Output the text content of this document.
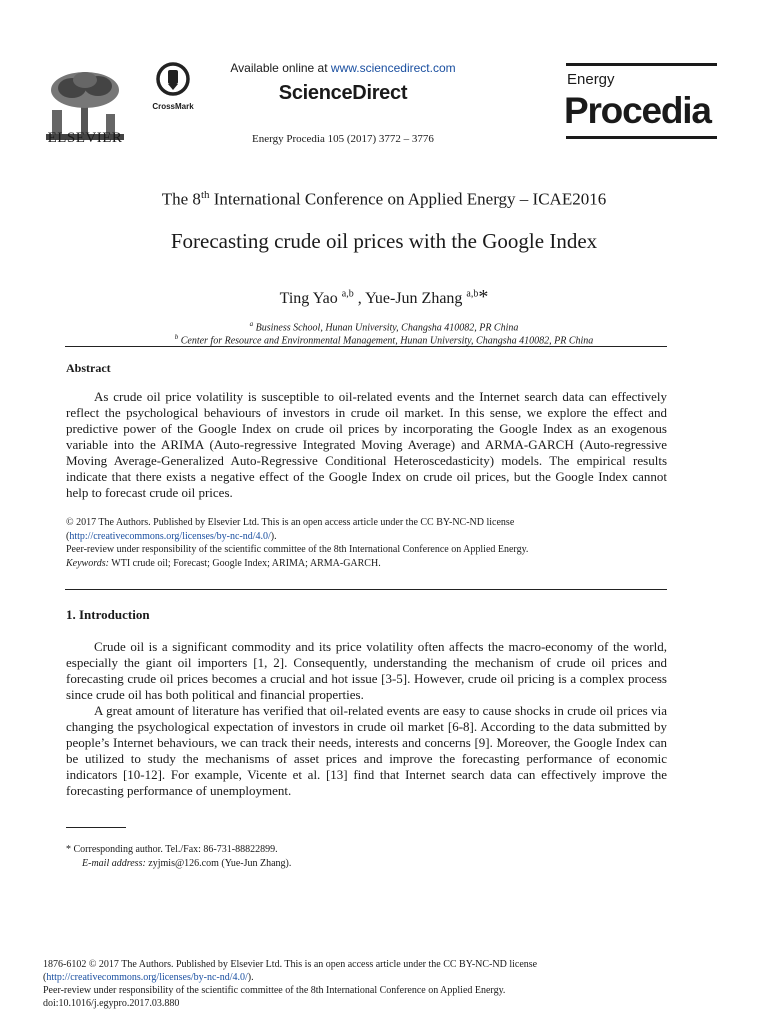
ELSEVIER
CrossMark
Available online at www.sciencedirect.com
ScienceDirect
Energy Procedia 105 (2017) 3772 – 3776
Energy
Procedia
The 8th International Conference on Applied Energy – ICAE2016
Forecasting crude oil prices with the Google Index
Ting Yao $^{a,b}$ , Yue-Jun Zhang $^{a,b}$*
$^a$ Business School, Hunan University, Changsha 410082, PR China
$^b$ Center for Resource and Environmental Management, Hunan University, Changsha 410082, PR China
Abstract

As crude oil price volatility is susceptible to oil-related events and the Internet search data can effectively reflect the psychological behaviours of investors in crude oil market. In this sense, we explore the effect and predictive power of the Google Index on crude oil prices by incorporating the Google Index as an exogenous variable into the ARIMA (Auto-regressive Integrated Moving Average) and ARMA-GARCH (Auto-regressive Moving Average-Generalized Auto-Regressive Conditional Heteroscedasticity) models. The empirical results indicate that there exists a negative effect of the Google Index on crude oil prices, but the Google Index cannot help to forecast crude oil prices.

© 2017 The Authors. Published by Elsevier Ltd. This is an open access article under the CC BY-NC-ND license
(http://creativecommons.org/licenses/by-nc-nd/4.0/).
Peer-review under responsibility of the scientific committee of the 8th International Conference on Applied Energy.
Keywords: WTI crude oil; Forecast; Google Index; ARIMA; ARMA-GARCH.
1. Introduction

Crude oil is a significant commodity and its price volatility often affects the macro-economy of the world, especially the giant oil importers [1, 2]. Consequently, understanding the mechanism of crude oil prices and forecasting crude oil prices becomes a crucial and hot issue [3-5]. However, crude oil pricing is a complex process since crude oil has both political and financial properties.

A great amount of literature has verified that oil-related events are easy to cause shocks in crude oil prices via changing the psychological expectation of investors in crude oil market [6-8]. According to the data submitted by people’s Internet behaviours, we can track their needs, interests and concerns [9]. Moreover, the Google Index can be utilized to study the mechanisms of asset prices and improve the forecasting performance of economic indicators [10-12]. For example, Vicente et al. [13] find that Internet search data can effectively improve the forecasting performance of unemployment.

* Corresponding author. Tel./Fax: 86-731-88822899.
E-mail address: zyjmis@126.com (Yue-Jun Zhang).
1876-6102 © 2017 The Authors. Published by Elsevier Ltd. This is an open access article under the CC BY-NC-ND license
(http://creativecommons.org/licenses/by-nc-nd/4.0/).
Peer-review under responsibility of the scientific committee of the 8th International Conference on Applied Energy.
doi:10.1016/j.egypro.2017.03.880
